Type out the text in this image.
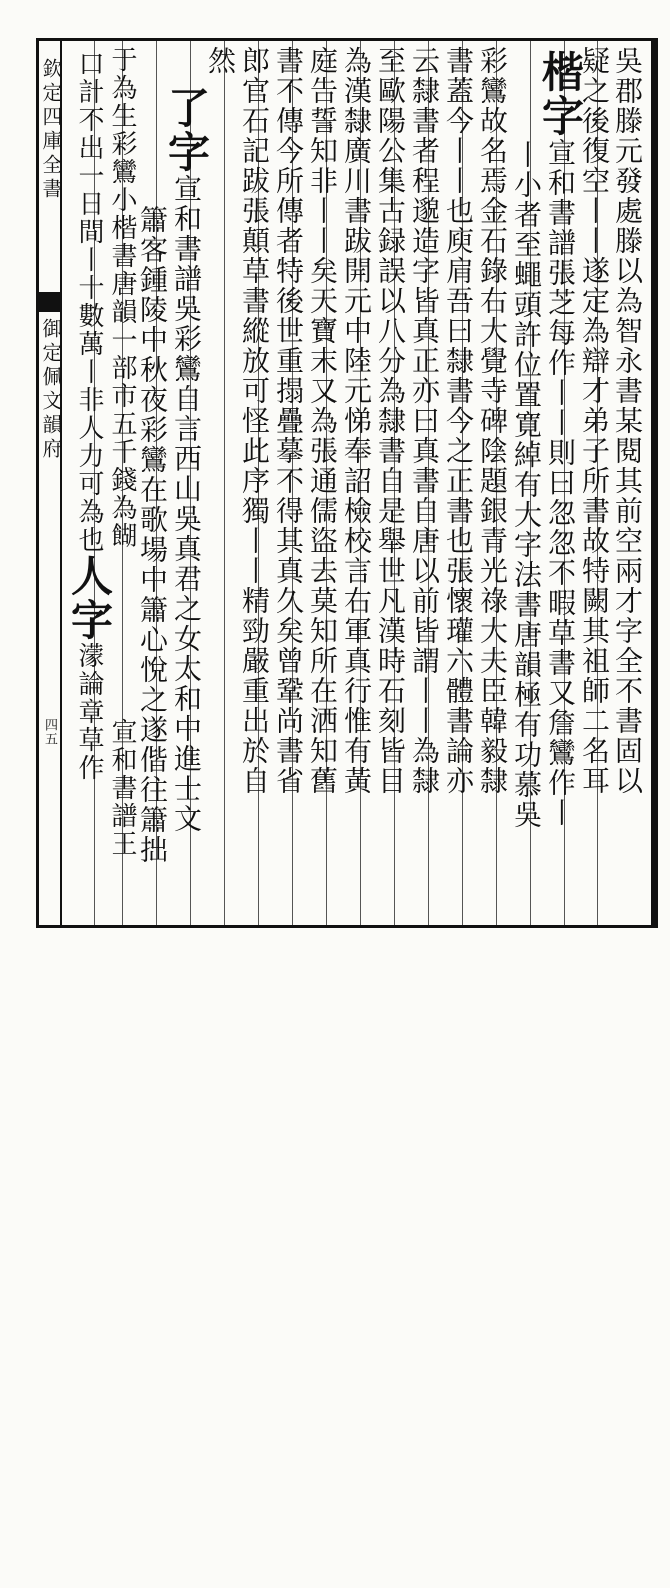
欽定四庫全書
御定佩文韻府
四五	吳郡滕元發處滕以為智永書某閱其前空兩才字全不書固以
疑之後復空丨丨遂定為辯才弟子所書故特闕其祖師二名耳
楷字宣和書譜張芝每作丨丨則曰忽忽不暇草書又詹鸞作丨
丨小者至蠅頭許位置寛綽有大字法書唐韻極有功慕吳
彩鸞故名焉金石錄右大覺寺碑陰題銀青光祿大夫臣韓毅隸
書蓋今丨丨也庾肩吾曰隸書今之正書也張懷瓘六體書論亦
云隸書者程邈造字皆真正亦曰真書自唐以前皆謂丨丨為隸
至歐陽公集古録誤以八分為隸書自是舉世凡漢時石刻皆目
為漢隸廣川書跋開元中陸元悌奉詔檢校言右軍真行惟有黃
庭告誓知非丨丨矣天寶末又為張通儒盜去莫知所在洒知舊
書不傳今所傳者特後世重搨疊摹不得其真久矣曾鞏尚書省
郎官石記跋張顛草書縱放可怪此序獨丨丨精勁嚴重出於自
然
了字宣和書譜吳彩鸞自言西山吳真君之女太和中進士文
簫客鍾陵中秋夜彩鸞在歌場中簫心悅之遂偕往簫拙
于為生彩鸞小楷書唐韻一部市五千錢為餬
口計不出一日間丨十數萬丨非人力可為也人字濛論章草作
宣和書譜王
